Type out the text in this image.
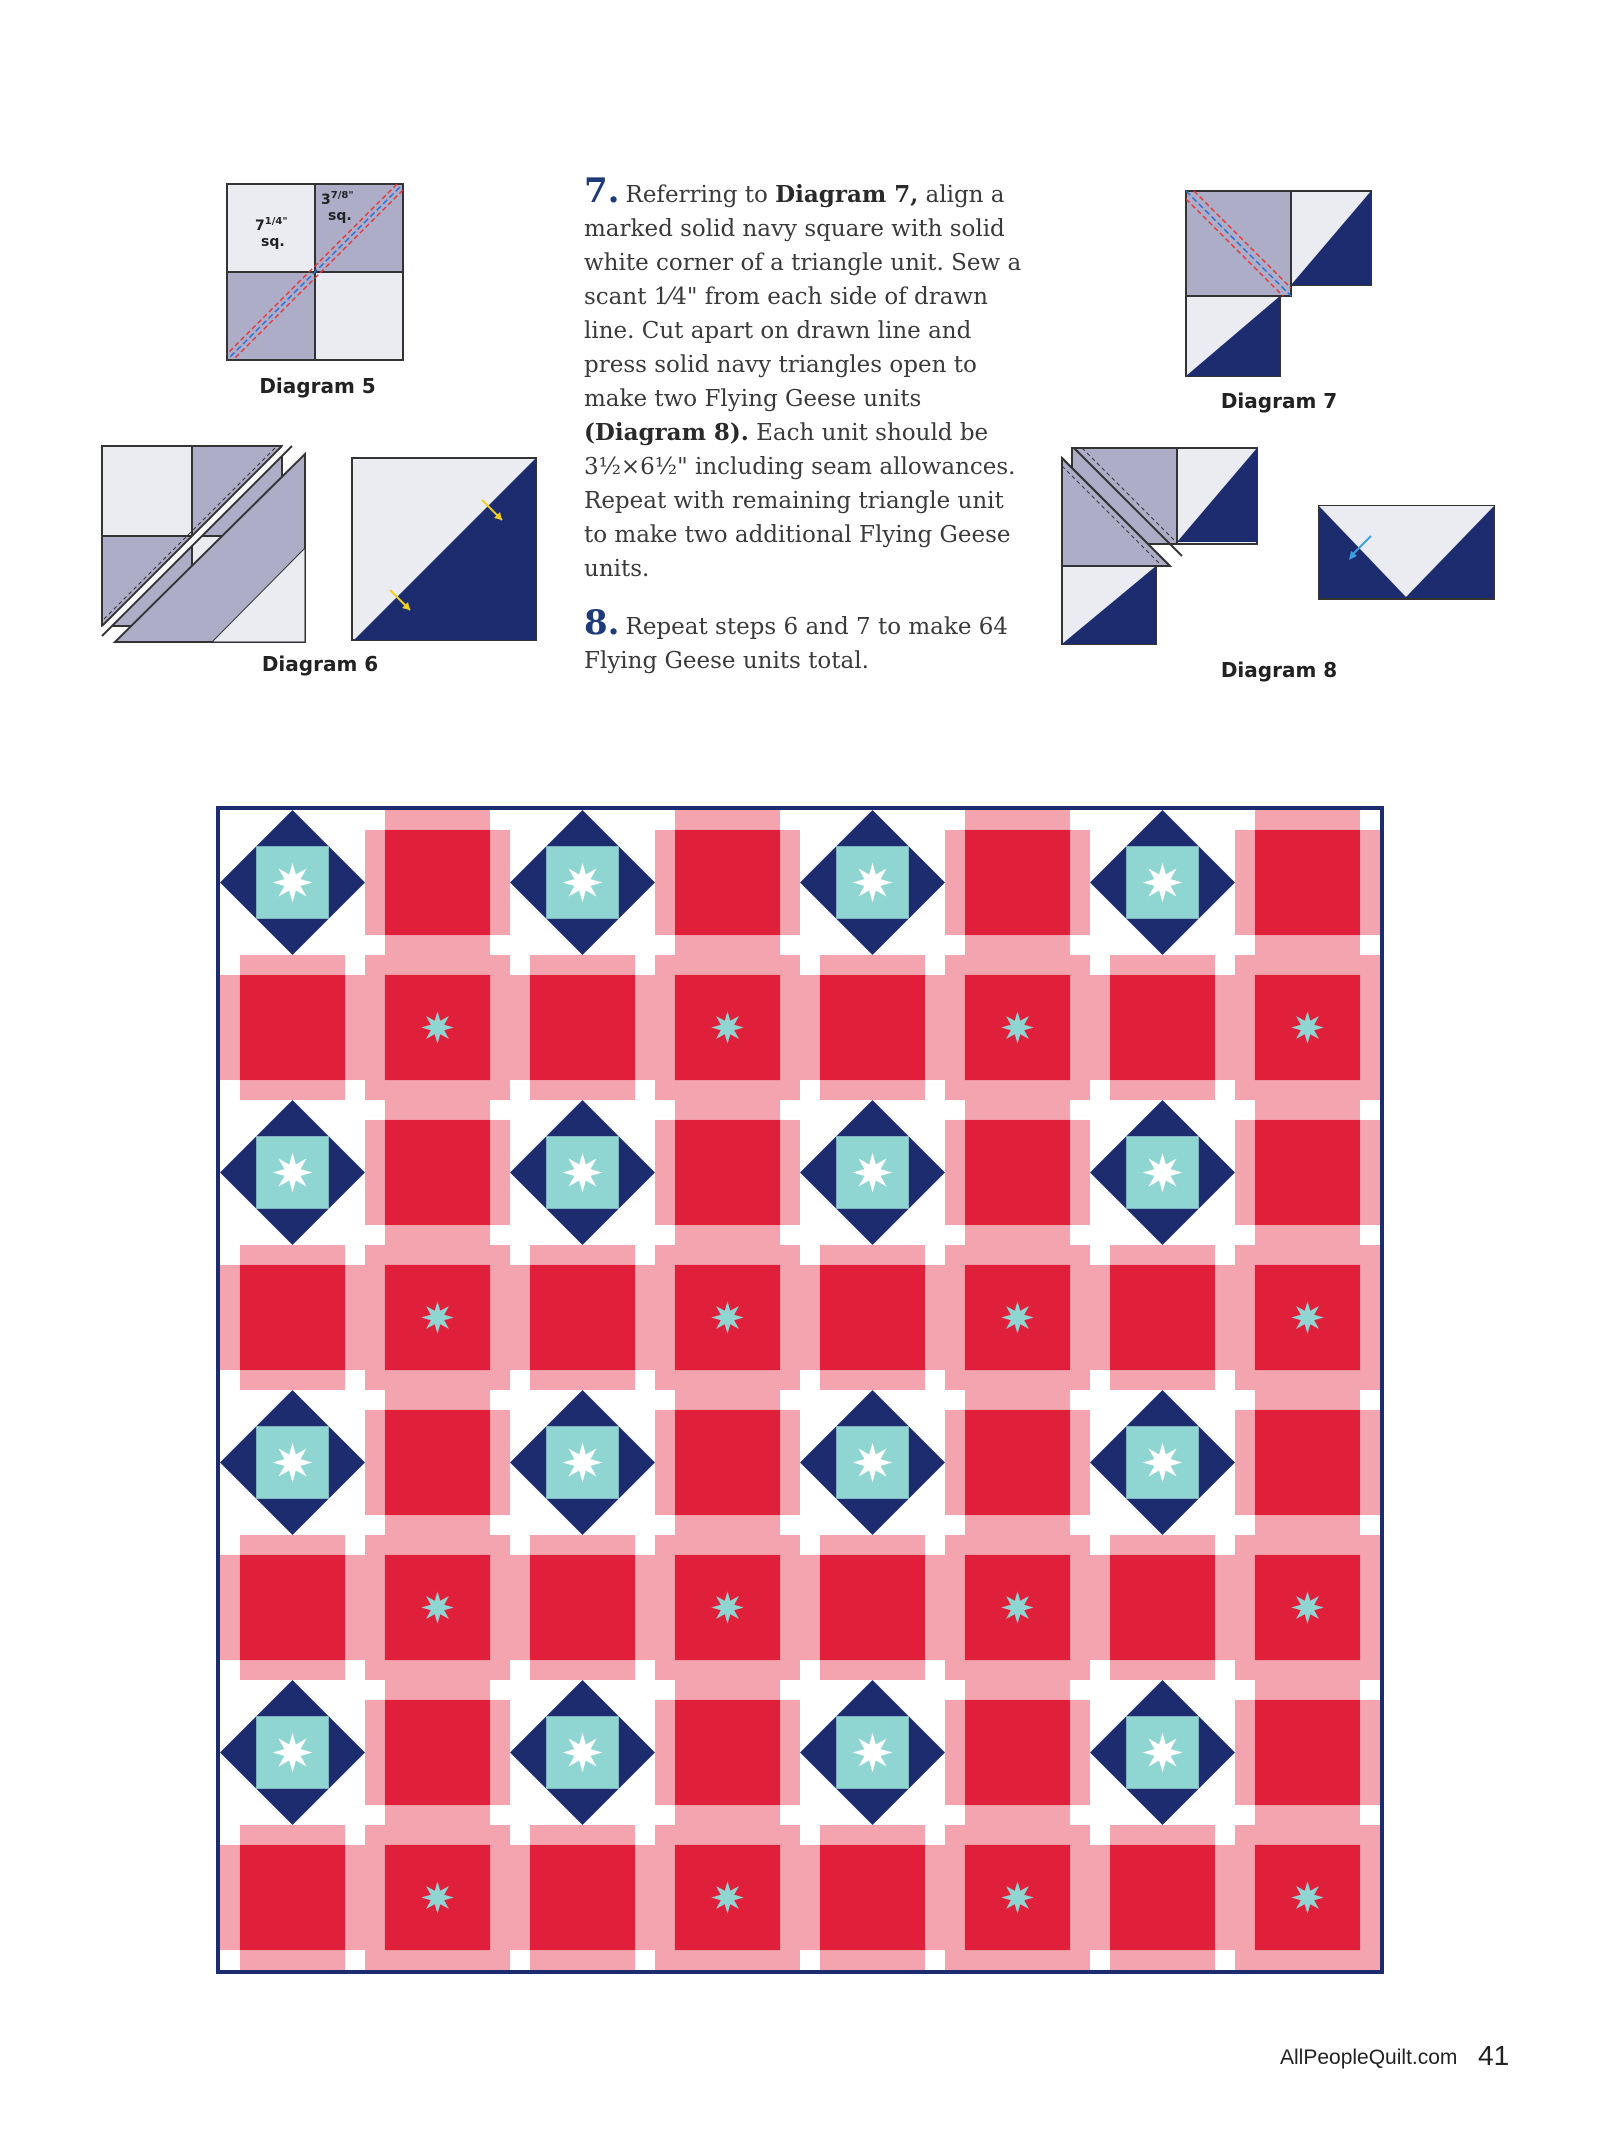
$7^{1/4"}$
sq.
$3^{7/8"}$
sq.
Diagram 5
Diagram 6

7. Referring to Diagram 7, align a marked solid navy square with solid white corner of a triangle unit. Sew a scant 1⁄4" from each side of drawn line. Cut apart on drawn line and press solid navy triangles open to make two Flying Geese units (Diagram 8). Each unit should be 3¹⁄₂×6¹⁄₂" including seam allowances. Repeat with remaining triangle unit to make two additional Flying Geese units.

8. Repeat steps 6 and 7 to make 64 Flying Geese units total.

Diagram 7
Diagram 8
AllPeopleQuilt.com 41
